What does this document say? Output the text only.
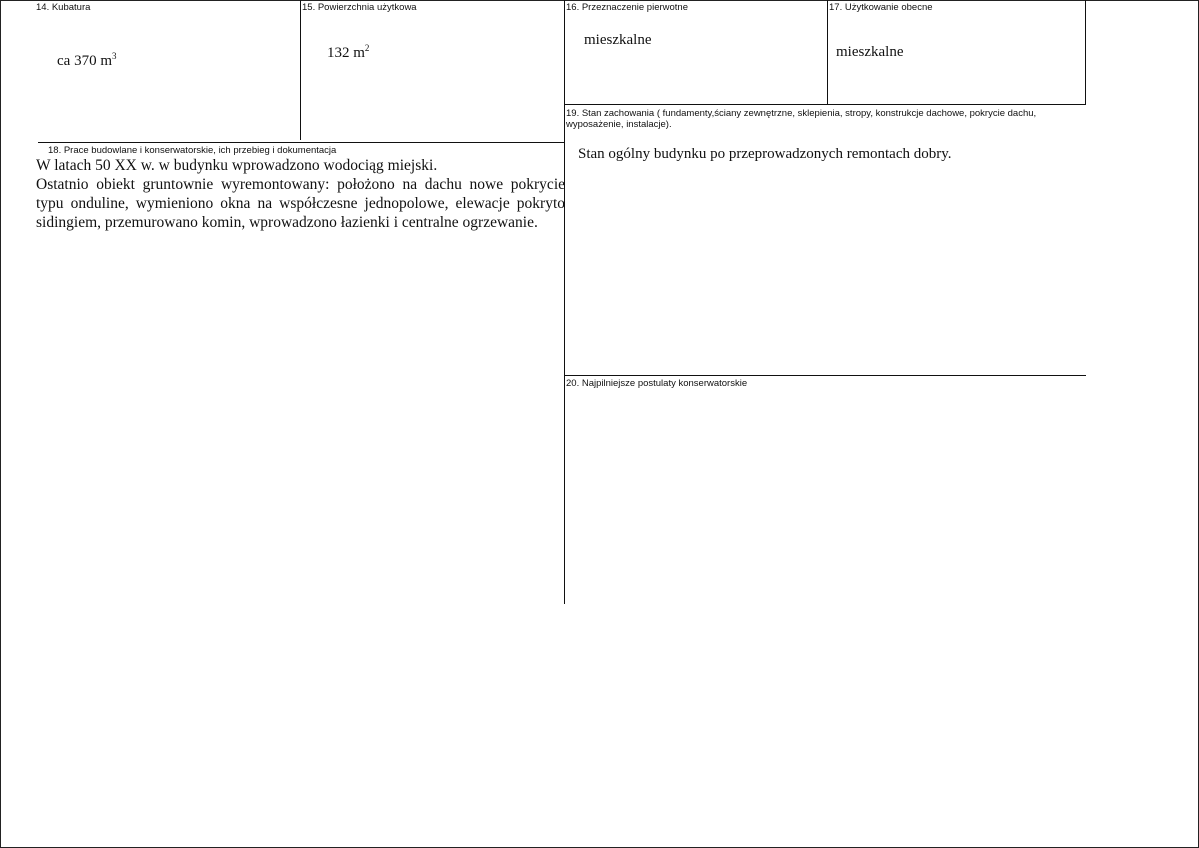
14. Kubatura
ca 370 $m^3$
15. Powierzchnia użytkowa
132 $m^2$
16. Przeznaczenie pierwotne
mieszkalne
17. Użytkowanie obecne
mieszkalne
19. Stan zachowania ( fundamenty,ściany zewnętrzne, sklepienia, stropy, konstrukcje dachowe, pokrycie dachu, wyposażenie, instalacje).
Stan ogólny budynku po przeprowadzonych remontach dobry.
18. Prace budowlane i konserwatorskie, ich przebieg i dokumentacja

W latach 50 XX w. w budynku wprowadzono wodociąg miejski.

Ostatnio obiekt gruntownie wyremontowany: położono na dachu nowe pokrycie typu onduline, wymieniono okna na współczesne jednopolowe, elewacje pokryto sidingiem, przemurowano komin, wprowadzono łazienki i centralne ogrzewanie.

20. Najpilniejsze postulaty konserwatorskie
